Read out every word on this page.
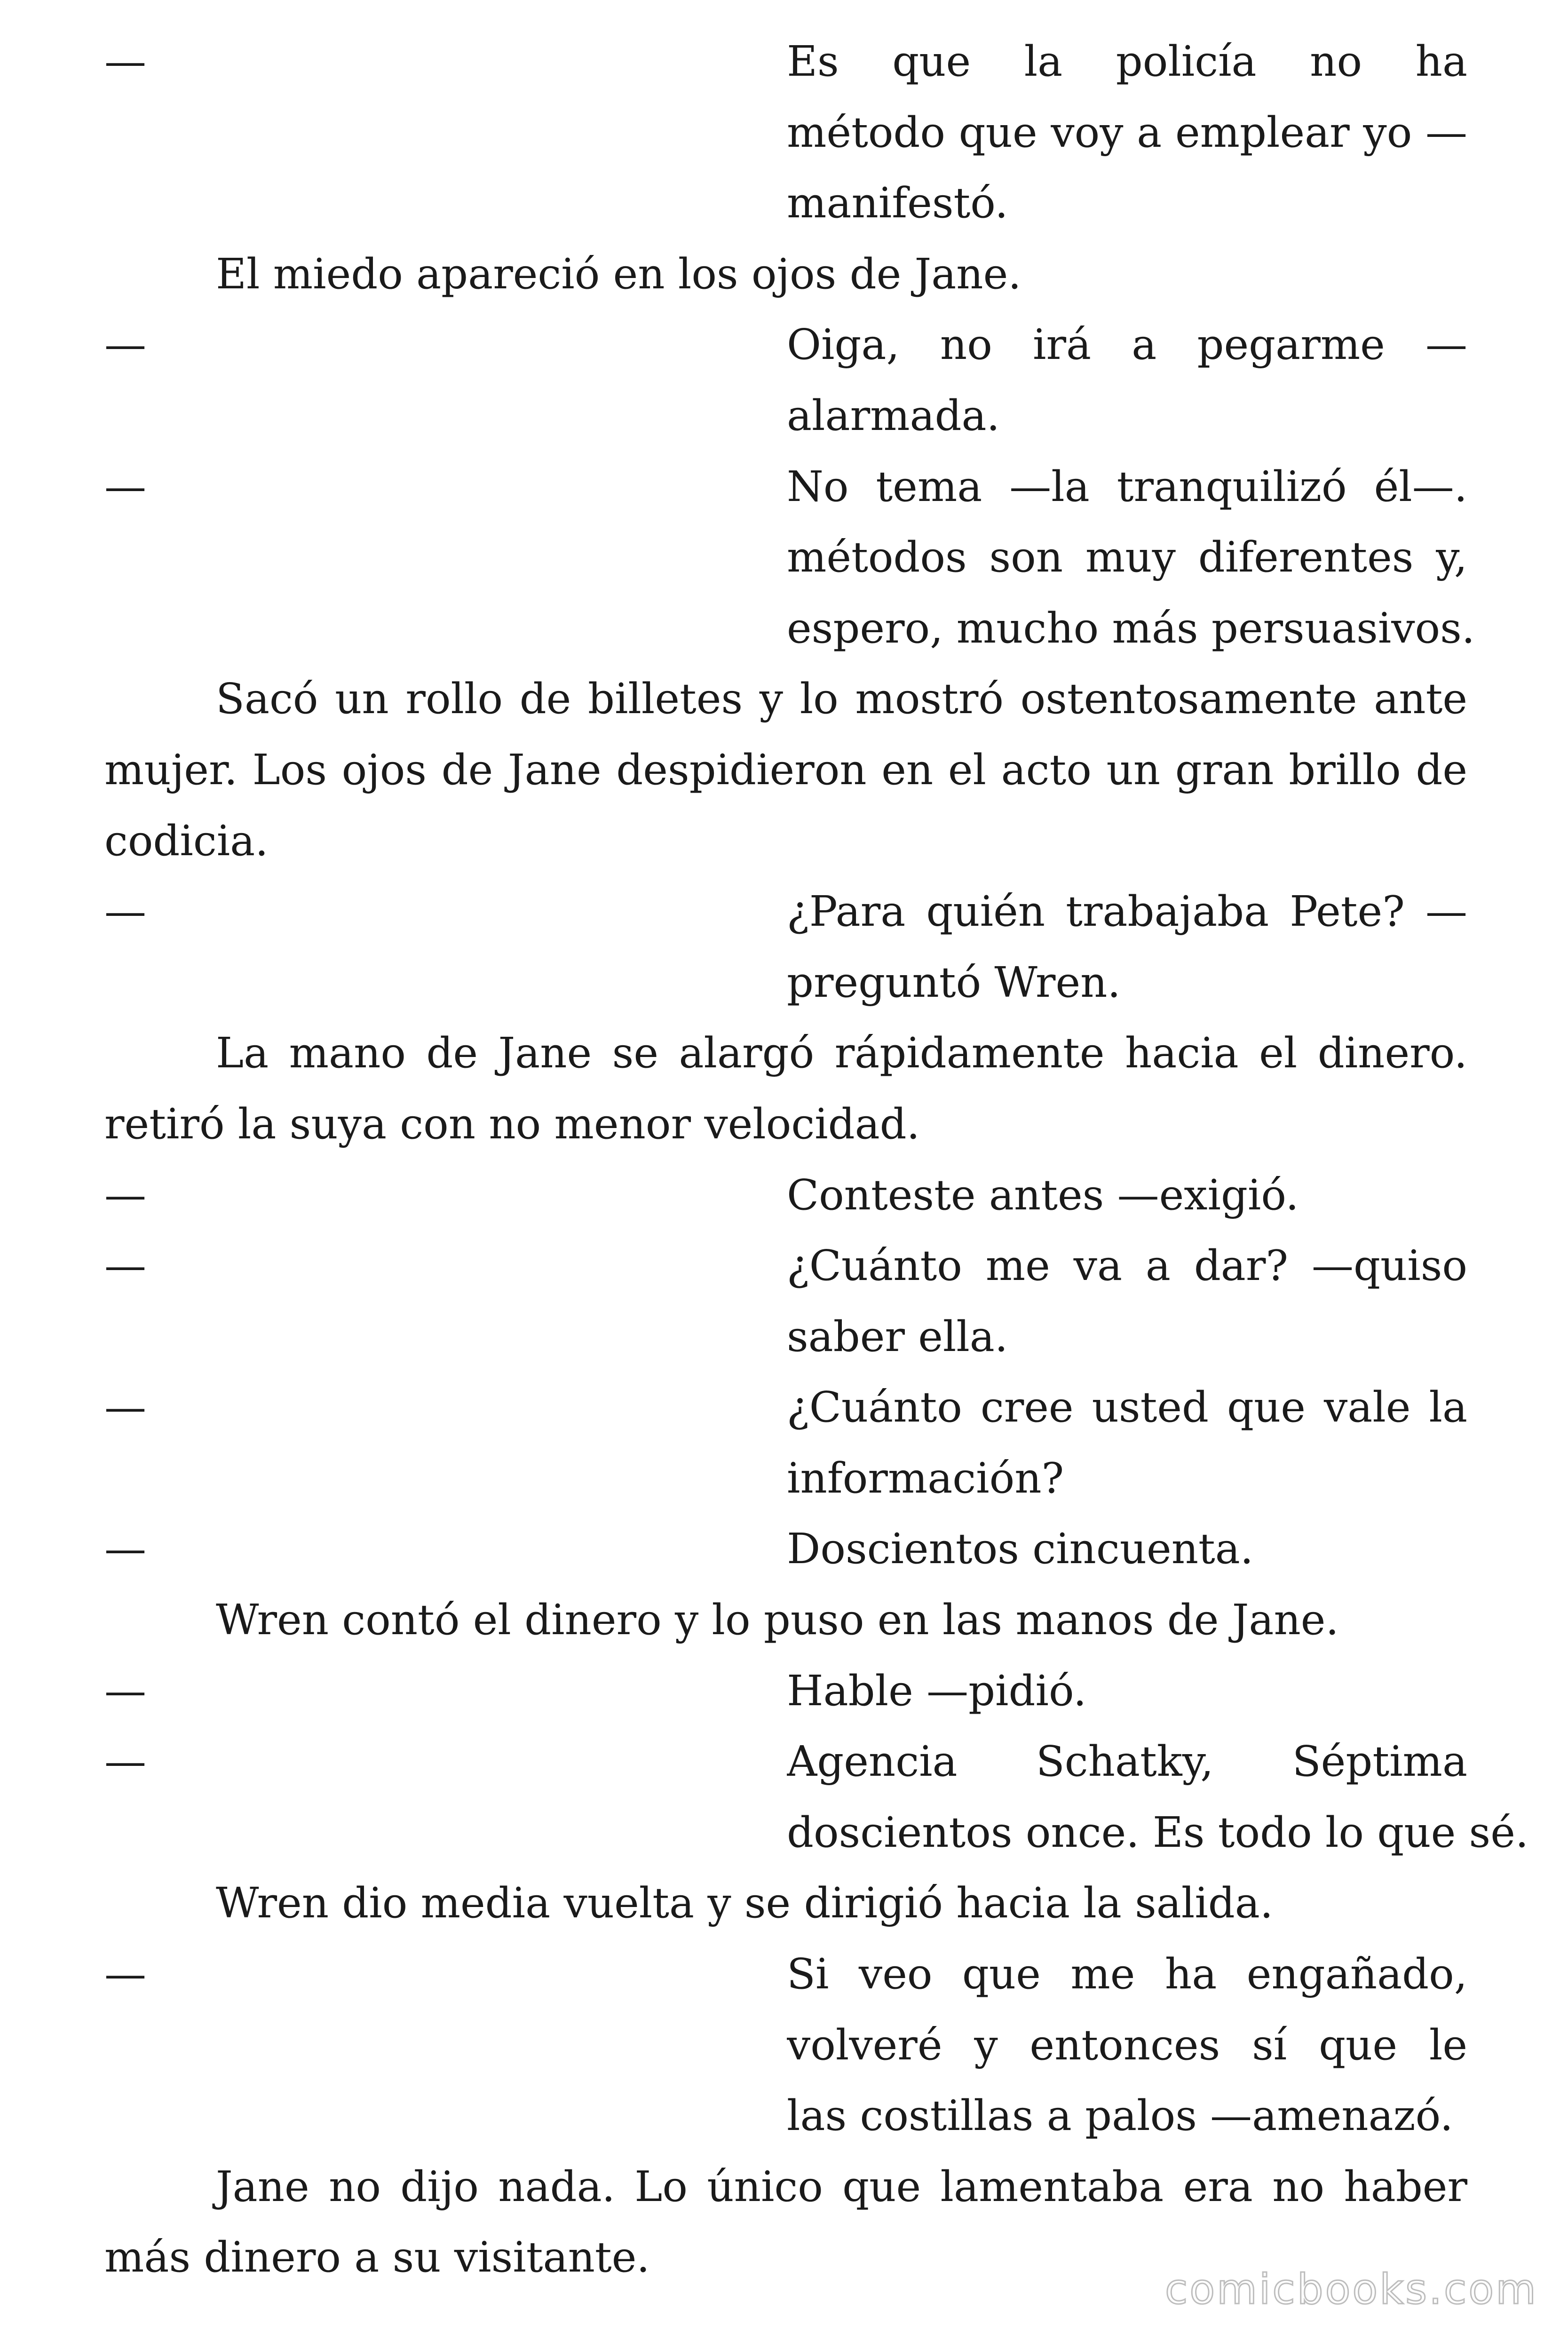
—	Es que la policía no ha
método que voy a emplear yo —
manifestó.
El miedo apareció en los ojos de Jane.
—	Oiga, no irá a pegarme —
alarmada.
—	No tema —la tranquilizó él—.
métodos son muy diferentes y,
espero, mucho más persuasivos.
Sacó un rollo de billetes y lo mostró ostentosamente ante
mujer. Los ojos de Jane despidieron en el acto un gran brillo de
codicia.
—	¿Para quién trabajaba Pete? —
preguntó Wren.
La mano de Jane se alargó rápidamente hacia el dinero.
retiró la suya con no menor velocidad.
—	Conteste antes —exigió.
—	¿Cuánto me va a dar? —quiso
saber ella.
—	¿Cuánto cree usted que vale la
información?
—	Doscientos cincuenta.
Wren contó el dinero y lo puso en las manos de Jane.
—	Hable —pidió.
—	Agencia Schatky, Séptima
doscientos once. Es todo lo que sé.
Wren dio media vuelta y se dirigió hacia la salida.
—	Si veo que me ha engañado,
volveré y entonces sí que le
las costillas a palos —amenazó.
Jane no dijo nada. Lo único que lamentaba era no haber
más dinero a su visitante.
comicbooks.com
